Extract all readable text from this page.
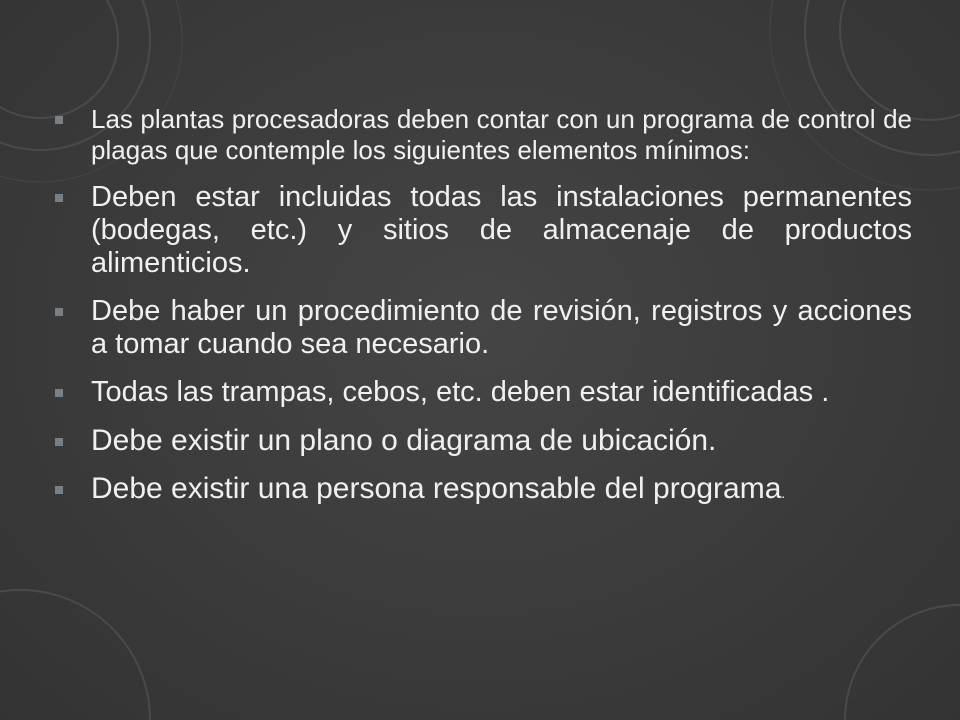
Las plantas procesadoras deben contar con un programa de control de plagas que contemple los siguientes elementos mínimos:
Deben estar incluidas todas las instalaciones permanentes (bodegas, etc.) y sitios de almacenaje de productos alimenticios.
Debe haber un procedimiento de revisión, registros y acciones a tomar cuando sea necesario.
Todas las trampas, cebos, etc. deben estar identificadas .
Debe existir un plano o diagrama de ubicación.
Debe existir una persona responsable del programa.
